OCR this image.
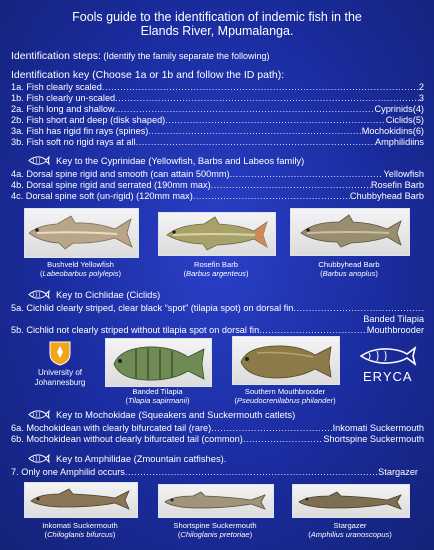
Fools guide to the identification of indemic fish in the
Elands River, Mpumalanga.
Identification steps: (Identify the family separate the following)
Identification key (Choose 1a or 1b and follow the ID path):
1a. Fish clearly scaled .....	2
1b. Fish clearly un-scaled .....	3
2a. Fish long and shallow .....	Cyprinids(4)
2b. Fish short and deep (disk shaped) .....	Ciclids(5)
3a. Fish has rigid fin rays (spines) .....	Mochokidins(6)
3b. Fish soft no rigid rays at all .....	Amphilidiins
Key to the Cyprinidae (Yellowfish, Barbs and Labeos family)
4a. Dorsal spine rigid and smooth (can attain 500mm) .....	Yellowfish
4b. Dorsal spine rigid and serrated (190mm max) .....	Rosefin Barb
4c. Dorsal spine soft (un-rigid) (120mm max) .....	Chubbyhead Barb
Bushveld Yellowfish
(Labeobarbus polylepis)
Rosefin Barb
(Barbus argenteus)
Chubbyhead Barb
(Barbus anoplus)
Key to Cichlidae (Ciclids)
5a. Cichlid clearly striped, clear black “spot” (tilapia spot) on dorsal fin
.....
Banded Tilapia
5b. Cichlid not clearly striped without tilapia spot on dorsal fin .....	Mouthbrooder
University of
Johannesburg	ERYCA
Banded Tilapia
(Tilapia sapirmanii)
Southern Mouthbrooder
(Pseudocrenilabrus philander)
Key to Mochokidae (Squeakers and Suckermouth catlets)
6a. Mochokidean with clearly bifurcated tail (rare) .....	Inkomati Suckermouth
6b. Mochokidean without clearly bifurcated tail (common) .....	Shortspine Suckermouth
Key to Amphilidae (Zmountain catfishes).
7. Only one Amphilid occurs .....	Stargazer
Inkomati Suckermouth
(Chiloglanis bifurcus)
Shortspine Suckermouth
(Chiloglanis pretoriae)
Stargazer
(Amphilius uranoscopus)
